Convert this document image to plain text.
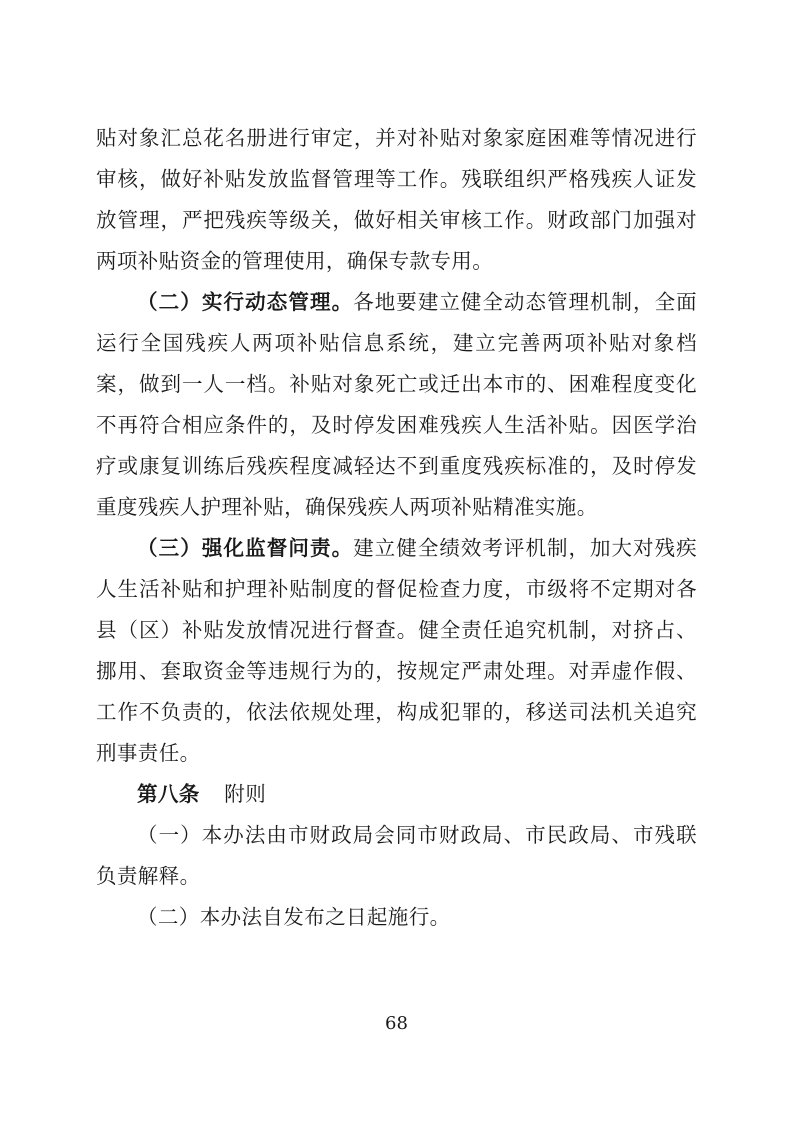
贴对象汇总花名册进行审定，并对补贴对象家庭困难等情况进行审核，做好补贴发放监督管理等工作。残联组织严格残疾人证发放管理，严把残疾等级关，做好相关审核工作。财政部门加强对两项补贴资金的管理使用，确保专款专用。

（二）实行动态管理。各地要建立健全动态管理机制，全面运行全国残疾人两项补贴信息系统，建立完善两项补贴对象档案，做到一人一档。补贴对象死亡或迁出本市的、困难程度变化不再符合相应条件的，及时停发困难残疾人生活补贴。因医学治疗或康复训练后残疾程度减轻达不到重度残疾标准的，及时停发重度残疾人护理补贴，确保残疾人两项补贴精准实施。

（三）强化监督问责。建立健全绩效考评机制，加大对残疾人生活补贴和护理补贴制度的督促检查力度，市级将不定期对各县（区）补贴发放情况进行督查。健全责任追究机制，对挤占、挪用、套取资金等违规行为的，按规定严肃处理。对弄虚作假、工作不负责的，依法依规处理，构成犯罪的，移送司法机关追究刑事责任。

第八条 附则

（一）本办法由市财政局会同市财政局、市民政局、市残联负责解释。

（二）本办法自发布之日起施行。

68
